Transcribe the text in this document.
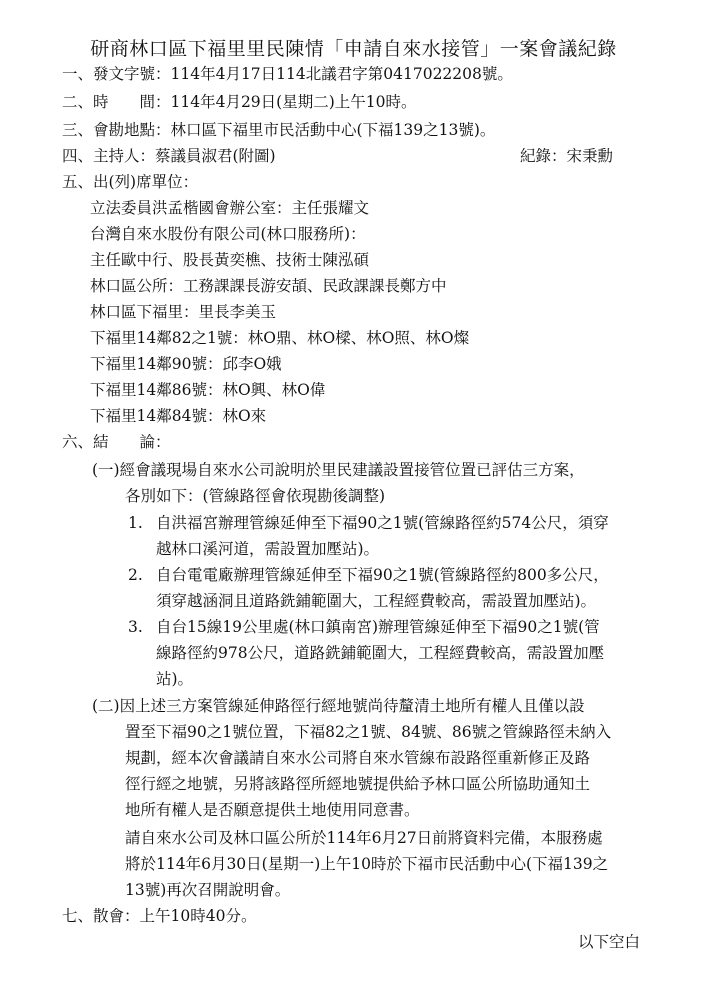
研商林口區下福里里民陳情「申請自來水接管」一案會議紀錄
一、發文字號：114年4月17日114北議君字第0417022208號。
二、時　　間：114年4月29日(星期二)上午10時。
三、會勘地點：林口區下福里市民活動中心(下福139之13號)。
四、主持人：蔡議員淑君(附圖)	紀錄：宋秉勳
五、出(列)席單位：
立法委員洪孟楷國會辦公室：主任張耀文
台灣自來水股份有限公司(林口服務所)：
主任歐中行、股長黃奕樵、技術士陳泓碩
林口區公所：工務課課長游安頡、民政課課長鄭方中
林口區下福里：里長李美玉
下福里14鄰82之1號：林O鼎、林O樑、林O照、林O燦
下福里14鄰90號：邱李O娥
下福里14鄰86號：林O興、林O偉
下福里14鄰84號：林O來
六、結　　論：
(一)經會議現場自來水公司說明於里民建議設置接管位置已評估三方案，
各別如下：(管線路徑會依現勘後調整)
1. 自洪福宮辦理管線延伸至下福90之1號(管線路徑約574公尺，須穿
越林口溪河道，需設置加壓站)。
2. 自台電電廠辦理管線延伸至下福90之1號(管線路徑約800多公尺，
須穿越涵洞且道路銑鋪範圍大，工程經費較高，需設置加壓站)。
3. 自台15線19公里處(林口鎮南宮)辦理管線延伸至下福90之1號(管
線路徑約978公尺，道路銑鋪範圍大，工程經費較高，需設置加壓
站)。
(二)因上述三方案管線延伸路徑行經地號尚待釐清土地所有權人且僅以設
置至下福90之1號位置，下福82之1號、84號、86號之管線路徑未納入
規劃，經本次會議請自來水公司將自來水管線布設路徑重新修正及路
徑行經之地號，另將該路徑所經地號提供給予林口區公所協助通知土
地所有權人是否願意提供土地使用同意書。
請自來水公司及林口區公所於114年6月27日前將資料完備，本服務處
將於114年6月30日(星期一)上午10時於下福市民活動中心(下福139之
13號)再次召開說明會。
七、散會：上午10時40分。
以下空白
